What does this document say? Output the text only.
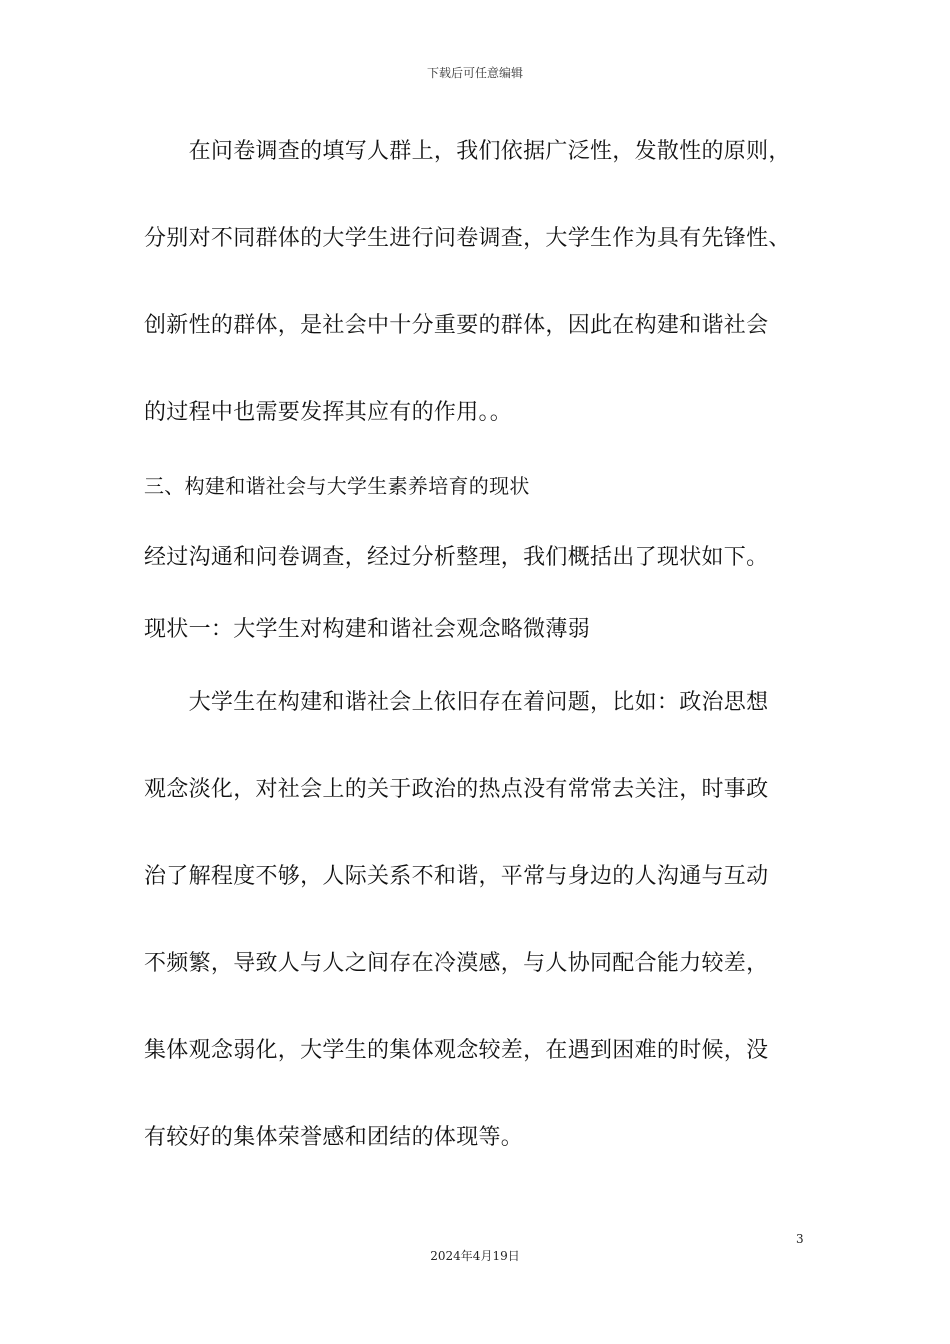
下载后可任意编辑
　　在问卷调查的填写人群上，我们依据广泛性，发散性的原则，
分别对不同群体的大学生进行问卷调查，大学生作为具有先锋性、
创新性的群体，是社会中十分重要的群体，因此在构建和谐社会
的过程中也需要发挥其应有的作用。。
三、构建和谐社会与大学生素养培育的现状
经过沟通和问卷调查，经过分析整理，我们概括出了现状如下。
现状一：大学生对构建和谐社会观念略微薄弱
　　大学生在构建和谐社会上依旧存在着问题，比如：政治思想
观念淡化，对社会上的关于政治的热点没有常常去关注，时事政
治了解程度不够，人际关系不和谐，平常与身边的人沟通与互动
不频繁，导致人与人之间存在冷漠感，与人协同配合能力较差，
集体观念弱化，大学生的集体观念较差，在遇到困难的时候，没
有较好的集体荣誉感和团结的体现等。
3
2024年4月19日
